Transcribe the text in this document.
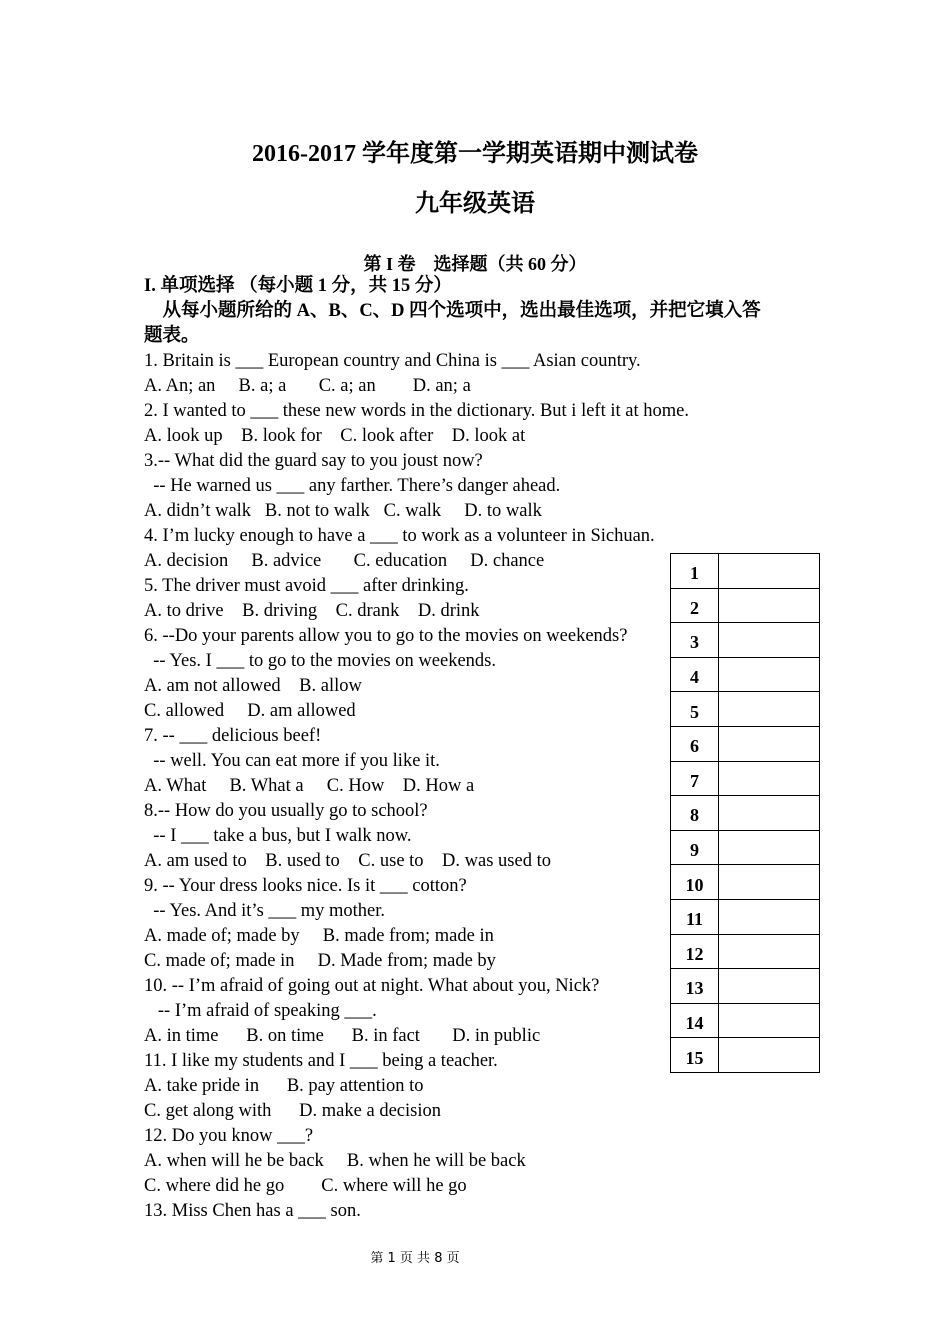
2016-2017 学年度第一学期英语期中测试卷
九年级英语
第 I 卷　选择题（共 60 分）
I. 单项选择 （每小题 1 分，共 15 分）
　从每小题所给的 A、B、C、D 四个选项中，选出最佳选项，并把它填入答
题表。
1. Britain is ___ European country and China is ___ Asian country.
A. An; an     B. a; a       C. a; an        D. an; a
2. I wanted to ___ these new words in the dictionary. But i left it at home.
A. look up    B. look for    C. look after    D. look at
3.-- What did the guard say to you joust now?
-- He warned us ___ any farther. There’s danger ahead.
A. didn’t walk   B. not to walk   C. walk     D. to walk
4. I’m lucky enough to have a ___ to work as a volunteer in Sichuan.
A. decision     B. advice       C. education     D. chance
5. The driver must avoid ___ after drinking.
A. to drive    B. driving    C. drank    D. drink
6. --Do your parents allow you to go to the movies on weekends?
-- Yes. I ___ to go to the movies on weekends.
A. am not allowed    B. allow
C. allowed     D. am allowed
7. -- ___ delicious beef!
-- well. You can eat more if you like it.
A. What     B. What a     C. How    D. How a
8.-- How do you usually go to school?
-- I ___ take a bus, but I walk now.
A. am used to    B. used to    C. use to    D. was used to
9. -- Your dress looks nice. Is it ___ cotton?
-- Yes. And it’s ___ my mother.
A. made of; made by     B. made from; made in
C. made of; made in     D. Made from; made by
10. -- I’m afraid of going out at night. What about you, Nick?
-- I’m afraid of speaking ___.
A. in time      B. on time      B. in fact       D. in public
11. I like my students and I ___ being a teacher.
A. take pride in      B. pay attention to
C. get along with      D. make a decision
12. Do you know ___?
A. when will he be back     B. when he will be back
C. where did he go        C. where will he go
13. Miss Chen has a ___ son.
1	
2	
3	
4	
5	
6	
7	
8	
9	
10	
11	
12	
13	
14	
15	
第 1 页 共 8 页
